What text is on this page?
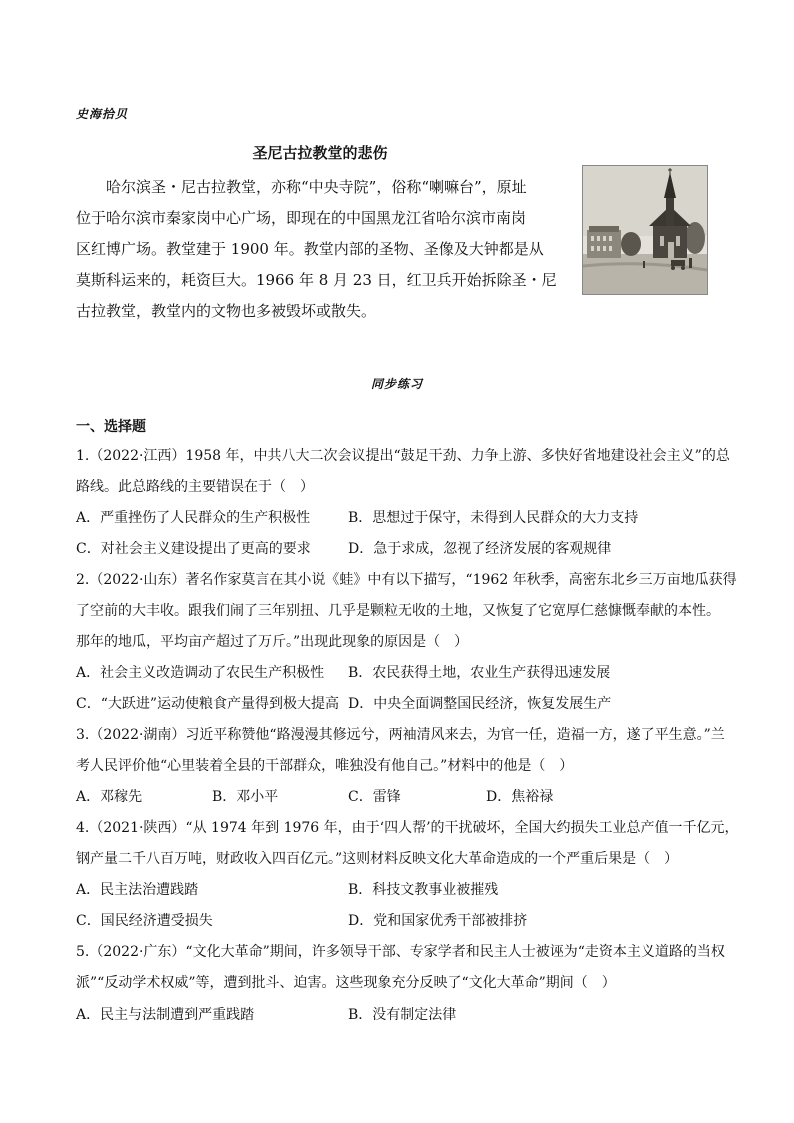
史海拾贝
圣尼古拉教堂的悲伤
　　哈尔滨圣・尼古拉教堂，亦称“中央寺院”，俗称“喇嘛台”，原址
位于哈尔滨市秦家岗中心广场，即现在的中国黑龙江省哈尔滨市南岗
区红博广场。教堂建于 1900 年。教堂内部的圣物、圣像及大钟都是从
莫斯科运来的，耗资巨大。1966 年 8 月 23 日，红卫兵开始拆除圣・尼
古拉教堂，教堂内的文物也多被毁坏或散失。
同步练习
一、选择题
1.（2022·江西）1958 年，中共八大二次会议提出“鼓足干劲、力争上游、多快好省地建设社会主义”的总
路线。此总路线的主要错误在于（　）
A．严重挫伤了人民群众的生产积极性	B．思想过于保守，未得到人民群众的大力支持
C．对社会主义建设提出了更高的要求	D．急于求成，忽视了经济发展的客观规律
2.（2022·山东）著名作家莫言在其小说《蛙》中有以下描写，“1962 年秋季，高密东北乡三万亩地瓜获得
了空前的大丰收。跟我们闹了三年别扭、几乎是颗粒无收的土地，又恢复了它宽厚仁慈慷慨奉献的本性。
那年的地瓜，平均亩产超过了万斤。”出现此现象的原因是（　）
A．社会主义改造调动了农民生产积极性 B．农民获得土地，农业生产获得迅速发展
C．“大跃进”运动使粮食产量得到极大提高 D．中央全面调整国民经济，恢复发展生产
3.（2022·湖南）习近平称赞他“路漫漫其修远兮，两袖清风来去，为官一任，造福一方，遂了平生意。”兰
考人民评价他“心里装着全县的干部群众，唯独没有他自己。”材料中的他是（　）
A．邓稼先	B．邓小平	C．雷锋	D．焦裕禄
4.（2021·陕西）“从 1974 年到 1976 年，由于‘四人帮’的干扰破坏，全国大约损失工业总产值一千亿元，
钢产量二千八百万吨，财政收入四百亿元。”这则材料反映文化大革命造成的一个严重后果是（　）
A．民主法治遭践踏	B．科技文教事业被摧残
C．国民经济遭受损失	D．党和国家优秀干部被排挤
5.（2022·广东）“文化大革命”期间，许多领导干部、专家学者和民主人士被诬为“走资本主义道路的当权
派”“反动学术权威”等，遭到批斗、迫害。这些现象充分反映了“文化大革命”期间（　）
A．民主与法制遭到严重践踏	B．没有制定法律
